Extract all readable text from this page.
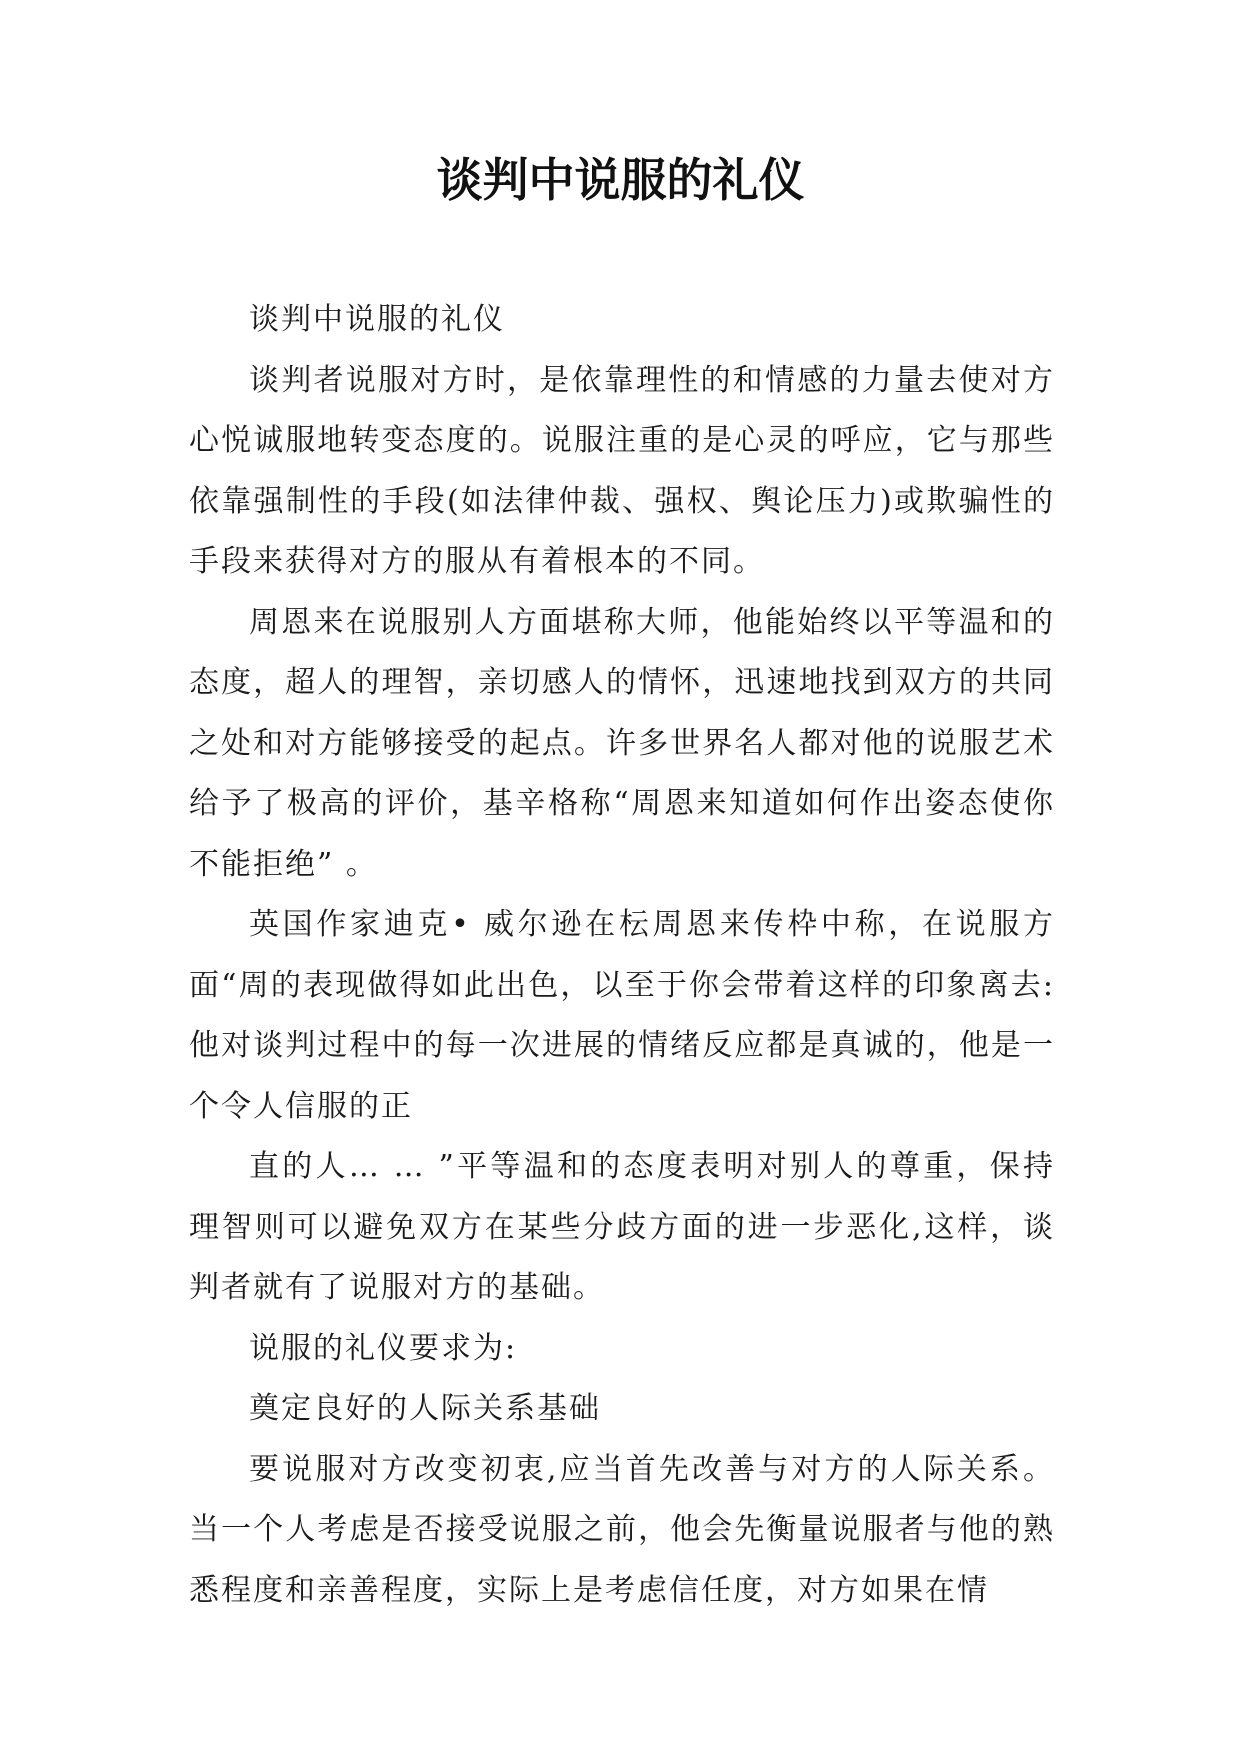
谈判中说服的礼仪

谈判中说服的礼仪

谈判者说服对方时，是依靠理性的和情感的力量去使对方心悦诚服地转变态度的。说服注重的是心灵的呼应，它与那些依靠强制性的手段(如法律仲裁、强权、舆论压力)或欺骗性的手段来获得对方的服从有着根本的不同。

周恩来在说服别人方面堪称大师，他能始终以平等温和的态度，超人的理智，亲切感人的情怀，迅速地找到双方的共同之处和对方能够接受的起点。许多世界名人都对他的说服艺术给予了极高的评价，基辛格称“周恩来知道如何作出姿态使你不能拒绝” 。

英国作家迪克• 威尔逊在枟周恩来传枠中称，在说服方面“周的表现做得如此出色，以至于你会带着这样的印象离去: 他对谈判过程中的每一次进展的情绪反应都是真诚的，他是一个令人信服的正

直的人… … ”平等温和的态度表明对别人的尊重，保持理智则可以避免双方在某些分歧方面的进一步恶化,这样，谈判者就有了说服对方的基础。

说服的礼仪要求为:

奠定良好的人际关系基础

要说服对方改变初衷,应当首先改善与对方的人际关系。当一个人考虑是否接受说服之前，他会先衡量说服者与他的熟悉程度和亲善程度，实际上是考虑信任度，对方如果在情
